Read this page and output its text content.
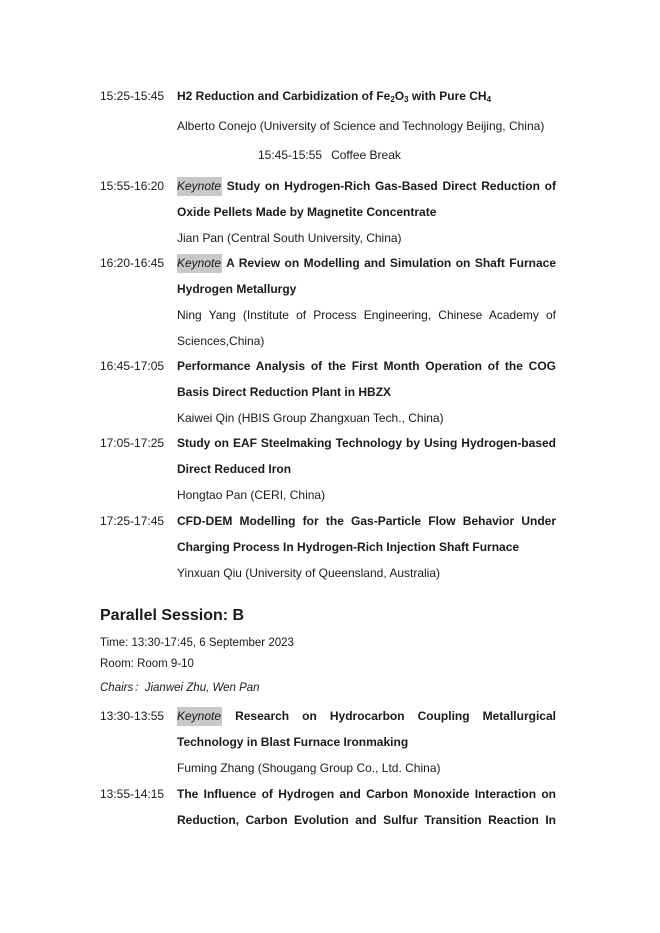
15:25-15:45 H2 Reduction and Carbidization of $Fe_2O_3$ with Pure $CH_4$

Alberto Conejo (University of Science and Technology Beijing, China)

15:45-15:55 Coffee Break
15:55-16:20 Keynote Study on Hydrogen-Rich Gas-Based Direct Reduction of

Oxide Pellets Made by Magnetite Concentrate

Jian Pan (Central South University, China)

16:20-16:45 Keynote A Review on Modelling and Simulation on Shaft Furnace

Hydrogen Metallurgy

Ning Yang (Institute of Process Engineering, Chinese Academy of

Sciences,China)

16:45-17:05 Performance Analysis of the First Month Operation of the COG

Basis Direct Reduction Plant in HBZX

Kaiwei Qin (HBIS Group Zhangxuan Tech., China)

17:05-17:25 Study on EAF Steelmaking Technology by Using Hydrogen-based

Direct Reduced Iron

Hongtao Pan (CERI, China)

17:25-17:45 CFD-DEM Modelling for the Gas-Particle Flow Behavior Under

Charging Process In Hydrogen-Rich Injection Shaft Furnace

Yinxuan Qiu (University of Queensland, Australia)

Parallel Session: B
Time: 13:30-17:45, 6 September 2023
Room: Room 9-10
Chairs：Jianwei Zhu, Wen Pan
13:30-13:55 Keynote Research on Hydrocarbon Coupling Metallurgical

Technology in Blast Furnace Ironmaking

Fuming Zhang (Shougang Group Co., Ltd. China)

13:55-14:15 The Influence of Hydrogen and Carbon Monoxide Interaction on

Reduction, Carbon Evolution and Sulfur Transition Reaction In
